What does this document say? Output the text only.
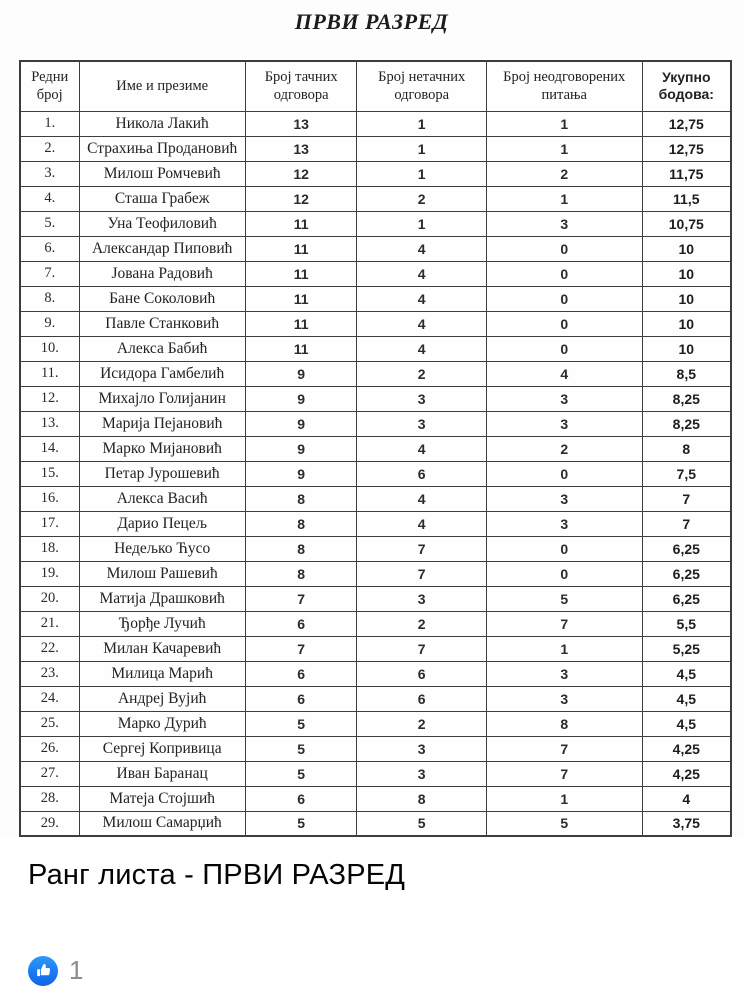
ПРВИ РАЗРЕД
Редни број	Име и презиме	Број тачних одговора	Број нетачних одговора	Број неодговорених питања	Укупно бодова:
1.	Никола Лакић	13	1	1	12,75
2.	Страхиња Продановић	13	1	1	12,75
3.	Милош Ромчевић	12	1	2	11,75
4.	Сташа Грабеж	12	2	1	11,5
5.	Уна Теофиловић	11	1	3	10,75
6.	Александар Пиповић	11	4	0	10
7.	Јована Радовић	11	4	0	10
8.	Бане Соколовић	11	4	0	10
9.	Павле Станковић	11	4	0	10
10.	Алекса Бабић	11	4	0	10
11.	Исидора Гамбелић	9	2	4	8,5
12.	Михајло Голијанин	9	3	3	8,25
13.	Марија Пејановић	9	3	3	8,25
14.	Марко Мијановић	9	4	2	8
15.	Петар Јурошевић	9	6	0	7,5
16.	Алекса Васић	8	4	3	7
17.	Дарио Пецељ	8	4	3	7
18.	Недељко Ћусо	8	7	0	6,25
19.	Милош Рашевић	8	7	0	6,25
20.	Матија Драшковић	7	3	5	6,25
21.	Ђорђе Лучић	6	2	7	5,5
22.	Милан Качаревић	7	7	1	5,25
23.	Милица Марић	6	6	3	4,5
24.	Андреј Вујић	6	6	3	4,5
25.	Марко Дурић	5	2	8	4,5
26.	Сергеј Копривица	5	3	7	4,25
27.	Иван Баранац	5	3	7	4,25
28.	Матеја Стојшић	6	8	1	4
29.	Милош Самарџић	5	5	5	3,75
Ранг листа - ПРВИ РАЗРЕД
1
